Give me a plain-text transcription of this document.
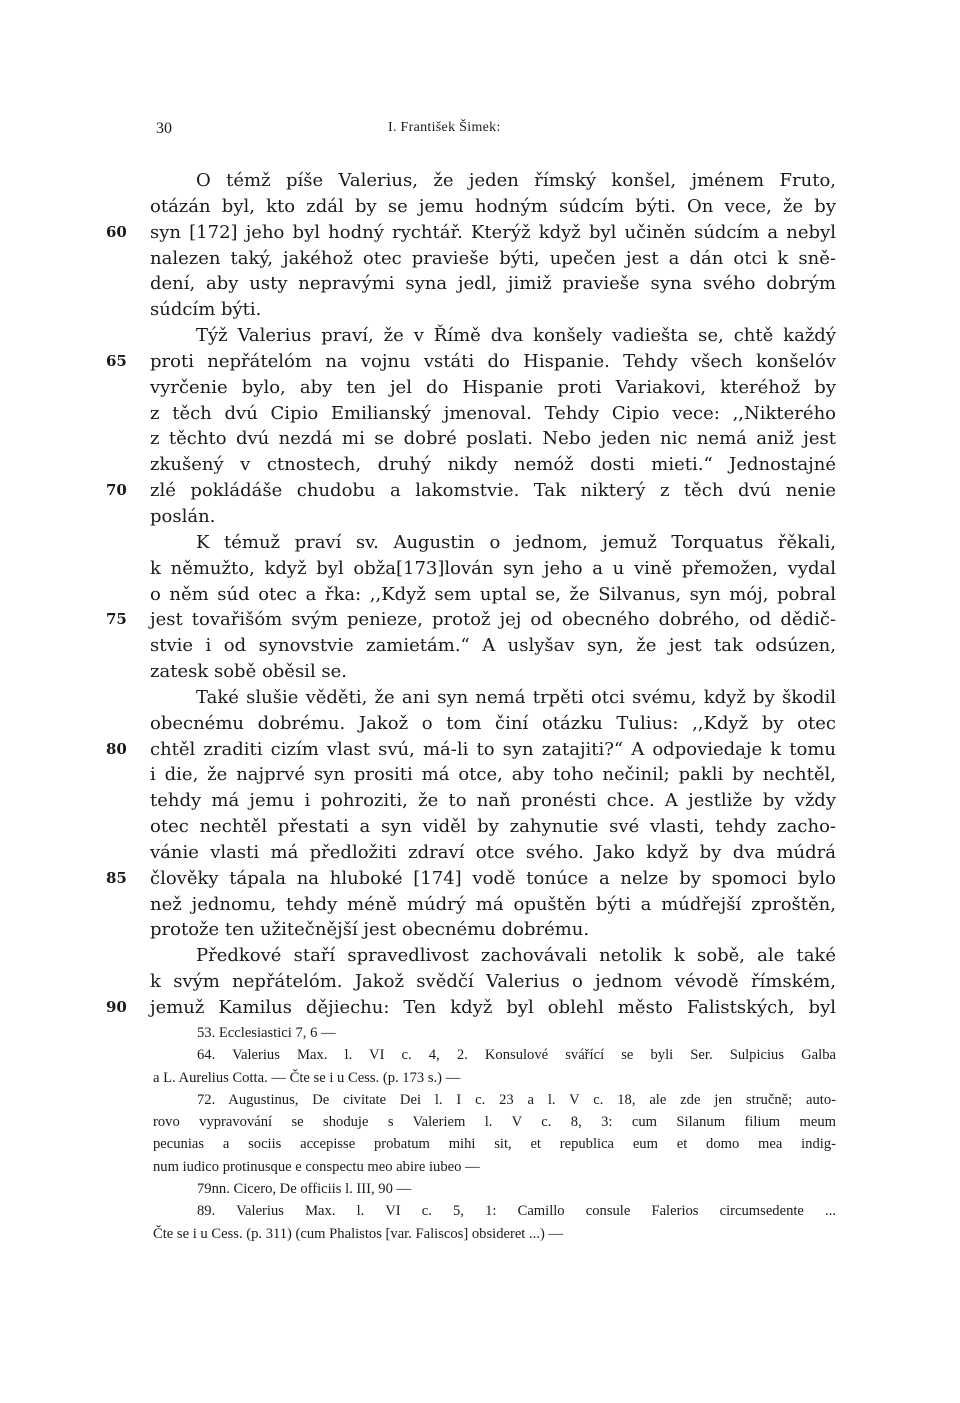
30	I. František Šimek:
O témž píše Valerius, že jeden římský konšel, jménem Fruto,
otázán byl, kto zdál by se jemu hodným súdcím býti. On vece, že by
60	syn [172] jeho byl hodný rychtář. Kterýž když byl učiněn súdcím a nebyl
nalezen taký, jakéhož otec pravieše býti, upečen jest a dán otci k sně-
dení, aby usty nepravými syna jedl, jimiž pravieše syna svého dobrým
súdcím býti.
Týž Valerius praví, že v Římě dva konšely vadiešta se, chtě každý
65	proti nepřátelóm na vojnu vstáti do Hispanie. Tehdy všech konšelóv
vyrčenie bylo, aby ten jel do Hispanie proti Variakovi, kteréhož by
z těch dvú Cipio Emilianský jmenoval. Tehdy Cipio vece: ,,Nikterého
z těchto dvú nezdá mi se dobré poslati. Nebo jeden nic nemá aniž jest
zkušený v ctnostech, druhý nikdy nemóž dosti mieti.“ Jednostajné
70	zlé pokládáše chudobu a lakomstvie. Tak nikterý z těch dvú nenie
poslán.
K témuž praví sv. Augustin o jednom, jemuž Torquatus řěkali,
k němužto, když byl obža[173]lován syn jeho a u vině přemožen, vydal
o něm súd otec a řka: ,,Když sem uptal se, že Silvanus, syn mój, pobral
75	jest tovařišóm svým penieze, protož jej od obecného dobrého, od dědič-
stvie i od synovstvie zamietám.“ A uslyšav syn, že jest tak odsúzen,
zatesk sobě oběsil se.
Také slušie věděti, že ani syn nemá trpěti otci svému, když by škodil
obecnému dobrému. Jakož o tom činí otázku Tulius: ,,Když by otec
80	chtěl zraditi cizím vlast svú, má-li to syn zatajiti?“ A odpoviedaje k tomu
i die, že najprvé syn prositi má otce, aby toho nečinil; pakli by nechtěl,
tehdy má jemu i pohroziti, že to naň pronésti chce. A jestliže by vždy
otec nechtěl přestati a syn viděl by zahynutie své vlasti, tehdy zacho-
vánie vlasti má předložiti zdraví otce svého. Jako když by dva múdrá
85	člověky tápala na hluboké [174] vodě tonúce a nelze by spomoci bylo
než jednomu, tehdy méně múdrý má opuštěn býti a múdřejší zproštěn,
protože ten užitečnější jest obecnému dobrému.
Předkové staří spravedlivost zachovávali netolik k sobě, ale také
k svým nepřátelóm. Jakož svědčí Valerius o jednom vévodě římském,
90	jemuž Kamilus dějiechu: Ten když byl oblehl město Falistských, byl
53. Ecclesiastici 7, 6 —
64. Valerius Max. l. VI c. 4, 2. Konsulové svářící se byli Ser. Sulpicius Galba
a L. Aurelius Cotta. — Čte se i u Cess. (p. 173 s.) —
72. Augustinus, De civitate Dei l. I c. 23 a l. V c. 18, ale zde jen stručně; auto-
rovo vypravování se shoduje s Valeriem l. V c. 8, 3: cum Silanum filium meum
pecunias a sociis accepisse probatum mihi sit, et republica eum et domo mea indig-
num iudico protinusque e conspectu meo abire iubeo —
79nn. Cicero, De officiis l. III, 90 —
89. Valerius Max. l. VI c. 5, 1: Camillo consule Falerios circumsedente ...
Čte se i u Cess. (p. 311) (cum Phalistos [var. Faliscos] obsideret ...) —
